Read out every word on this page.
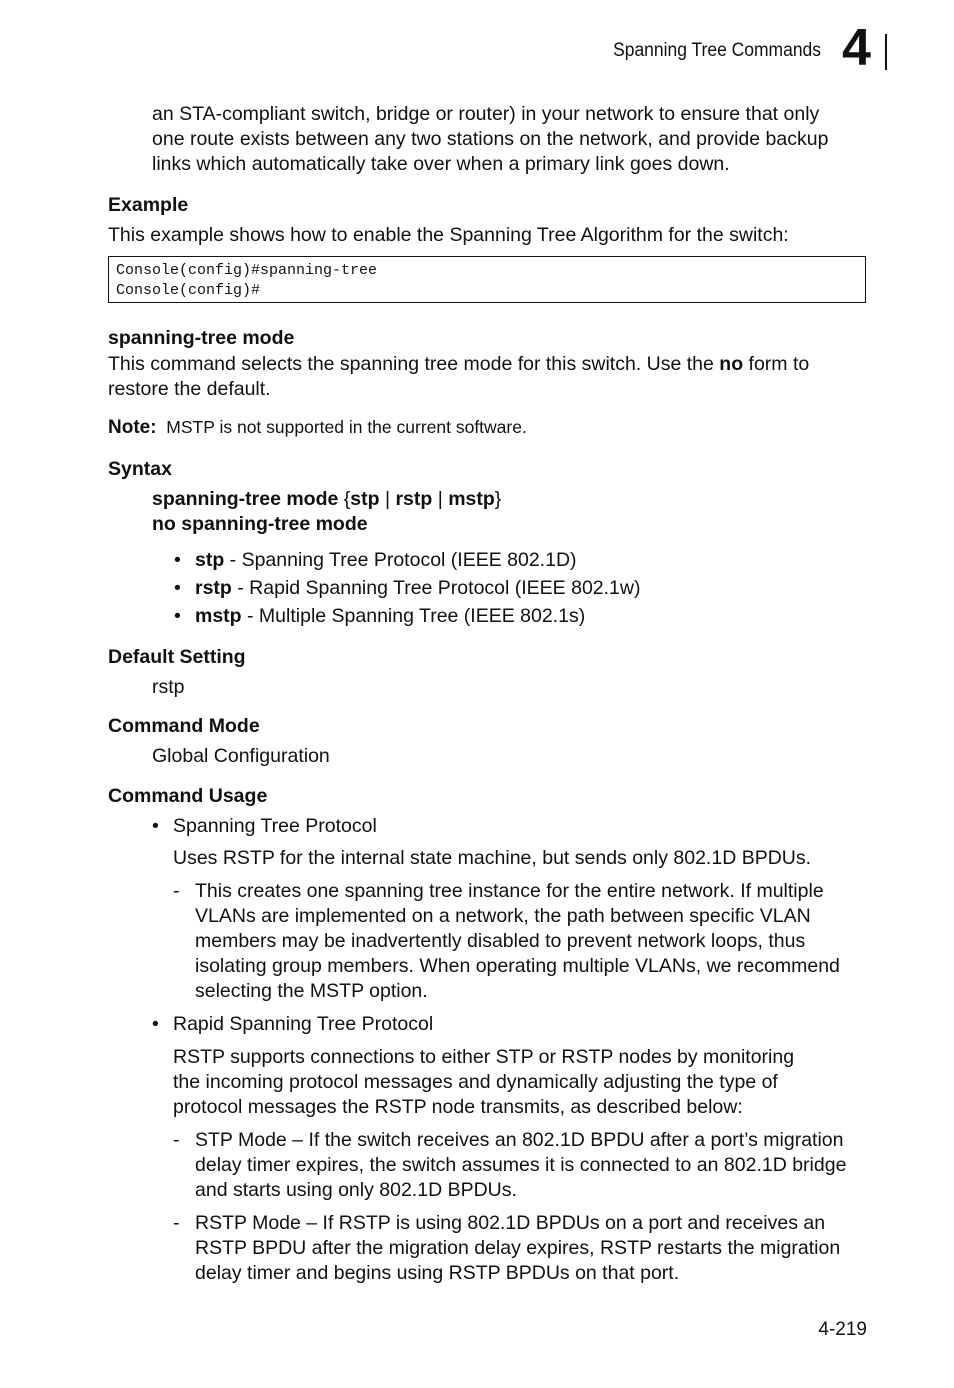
Spanning Tree Commands 4
an STA-compliant switch, bridge or router) in your network to ensure that only
one route exists between any two stations on the network, and provide backup
links which automatically take over when a primary link goes down.
Example
This example shows how to enable the Spanning Tree Algorithm for the switch:
Console(config)#spanning-tree
Console(config)#
spanning-tree mode
This command selects the spanning tree mode for this switch. Use the no form to
restore the default.
Note: MSTP is not supported in the current software.
Syntax
spanning-tree mode {stp | rstp | mstp}
no spanning-tree mode
• stp - Spanning Tree Protocol (IEEE 802.1D)
• rstp - Rapid Spanning Tree Protocol (IEEE 802.1w)
• mstp - Multiple Spanning Tree (IEEE 802.1s)
Default Setting
rstp
Command Mode
Global Configuration
Command Usage
• Spanning Tree Protocol
Uses RSTP for the internal state machine, but sends only 802.1D BPDUs.
- This creates one spanning tree instance for the entire network. If multiple
VLANs are implemented on a network, the path between specific VLAN
members may be inadvertently disabled to prevent network loops, thus
isolating group members. When operating multiple VLANs, we recommend
selecting the MSTP option.
• Rapid Spanning Tree Protocol
RSTP supports connections to either STP or RSTP nodes by monitoring
the incoming protocol messages and dynamically adjusting the type of
protocol messages the RSTP node transmits, as described below:
- STP Mode – If the switch receives an 802.1D BPDU after a port’s migration
delay timer expires, the switch assumes it is connected to an 802.1D bridge
and starts using only 802.1D BPDUs.
- RSTP Mode – If RSTP is using 802.1D BPDUs on a port and receives an
RSTP BPDU after the migration delay expires, RSTP restarts the migration
delay timer and begins using RSTP BPDUs on that port.
4-219
